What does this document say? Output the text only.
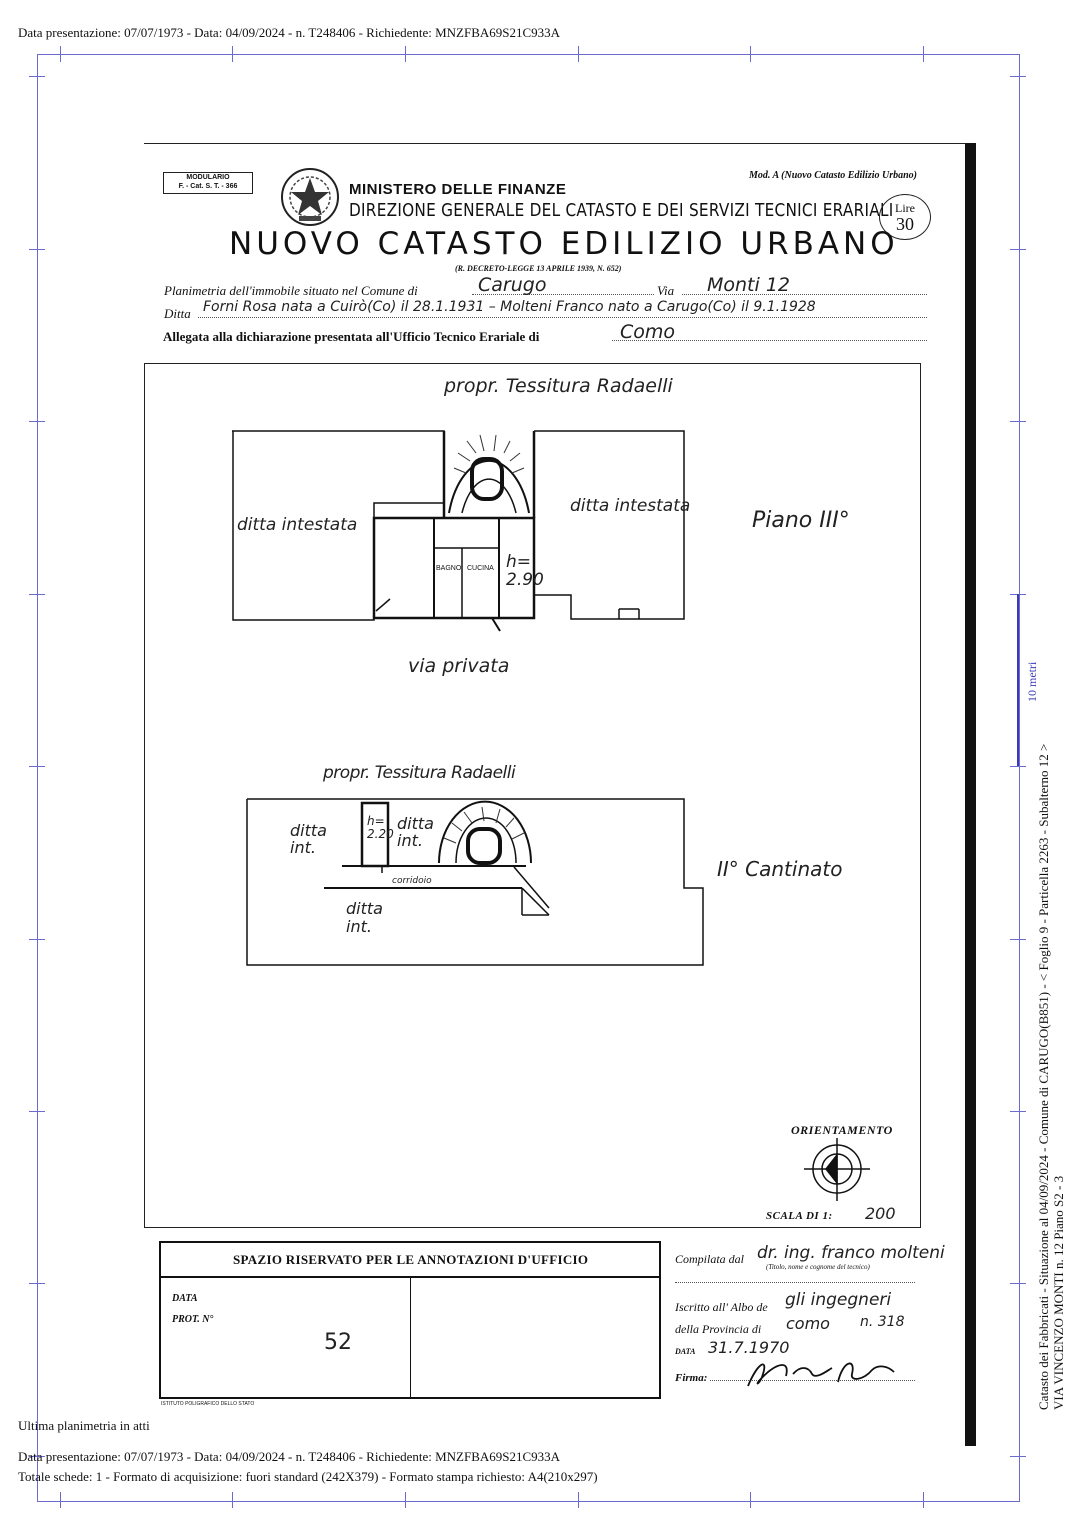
Data presentazione: 07/07/1973 - Data: 04/09/2024 - n. T248406 - Richiedente: MNZFBA69S21C933A
MODULARIO
F. - Cat. S. T. - 366	MINISTERO DELLE FINANZE
DIREZIONE GENERALE DEL CATASTO E DEI SERVIZI TECNICI ERARIALI
Mod. A (Nuovo Catasto Edilizio Urbano)
Lire
30
NUOVO CATASTO EDILIZIO URBANO
(R. DECRETO-LEGGE 13 APRILE 1939, N. 652)
Planimetria dell'immobile situato nel Comune di	Carugo	Via Monti 12
Ditta Forni Rosa nata a Cuirò(Co) il 28.1.1931 – Molteni Franco nato a Carugo(Co) il 9.1.1928
Allegata alla dichiarazione presentata all'Ufficio Tecnico Erariale di	Como
propr. Tessitura Radaelli
ditta intestata
ditta intestata
Piano III°
BAGNO CUCINA h= 2.90
via privata
propr. Tessitura Radaelli
ditta int.
ditta int.
h= 2.20
corridoio
ditta int.
II° Cantinato
ORIENTAMENTO
SCALA DI 1: 200
SPAZIO RISERVATO PER LE ANNOTAZIONI D'UFFICIO
DATA
PROT. N°
52
ISTITUTO POLIGRAFICO DELLO STATO
Compilata dal dr. ing. franco molteni
(Titolo, nome e cognome del tecnico)
Iscritto all' Albo de gli ingegneri
della Provincia di como n. 318
DATA 31.7.1970
Firma:
10 metri
Catasto dei Fabbricati - Situazione al 04/09/2024 - Comune di CARUGO(B851) - < Foglio 9 - Particella 2263 - Subalterno 12 > VIA VINCENZO MONTI n. 12 Piano S2 - 3
Ultima planimetria in atti
Data presentazione: 07/07/1973 - Data: 04/09/2024 - n. T248406 - Richiedente: MNZFBA69S21C933A
Totale schede: 1 - Formato di acquisizione: fuori standard (242X379) - Formato stampa richiesto: A4(210x297)
